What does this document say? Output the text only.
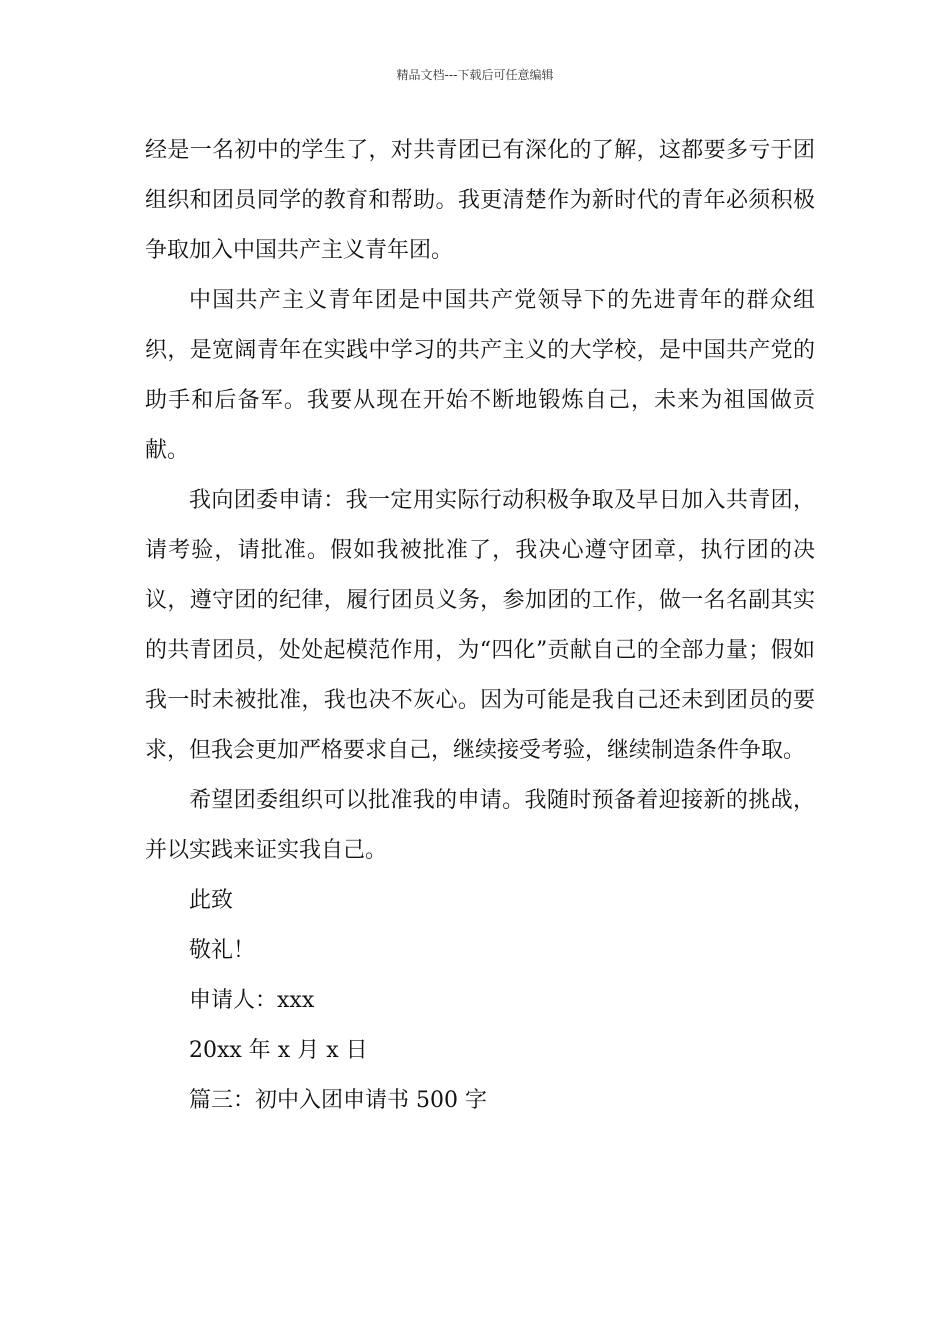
精品文档---下载后可任意编辑

经是一名初中的学生了，对共青团已有深化的了解，这都要多亏于团组织和团员同学的教育和帮助。我更清楚作为新时代的青年必须积极争取加入中国共产主义青年团。

中国共产主义青年团是中国共产党领导下的先进青年的群众组织，是宽阔青年在实践中学习的共产主义的大学校，是中国共产党的助手和后备军。我要从现在开始不断地锻炼自己，未来为祖国做贡献。

我向团委申请：我一定用实际行动积极争取及早日加入共青团，请考验，请批准。假如我被批准了，我决心遵守团章，执行团的决议，遵守团的纪律，履行团员义务，参加团的工作，做一名名副其实的共青团员，处处起模范作用，为“四化”贡献自己的全部力量；假如我一时未被批准，我也决不灰心。因为可能是我自己还未到团员的要求，但我会更加严格要求自己，继续接受考验，继续制造条件争取。

希望团委组织可以批准我的申请。我随时预备着迎接新的挑战，并以实践来证实我自己。

此致

敬礼！

申请人：xxx

20xx 年 x 月 x 日

篇三：初中入团申请书 500 字
